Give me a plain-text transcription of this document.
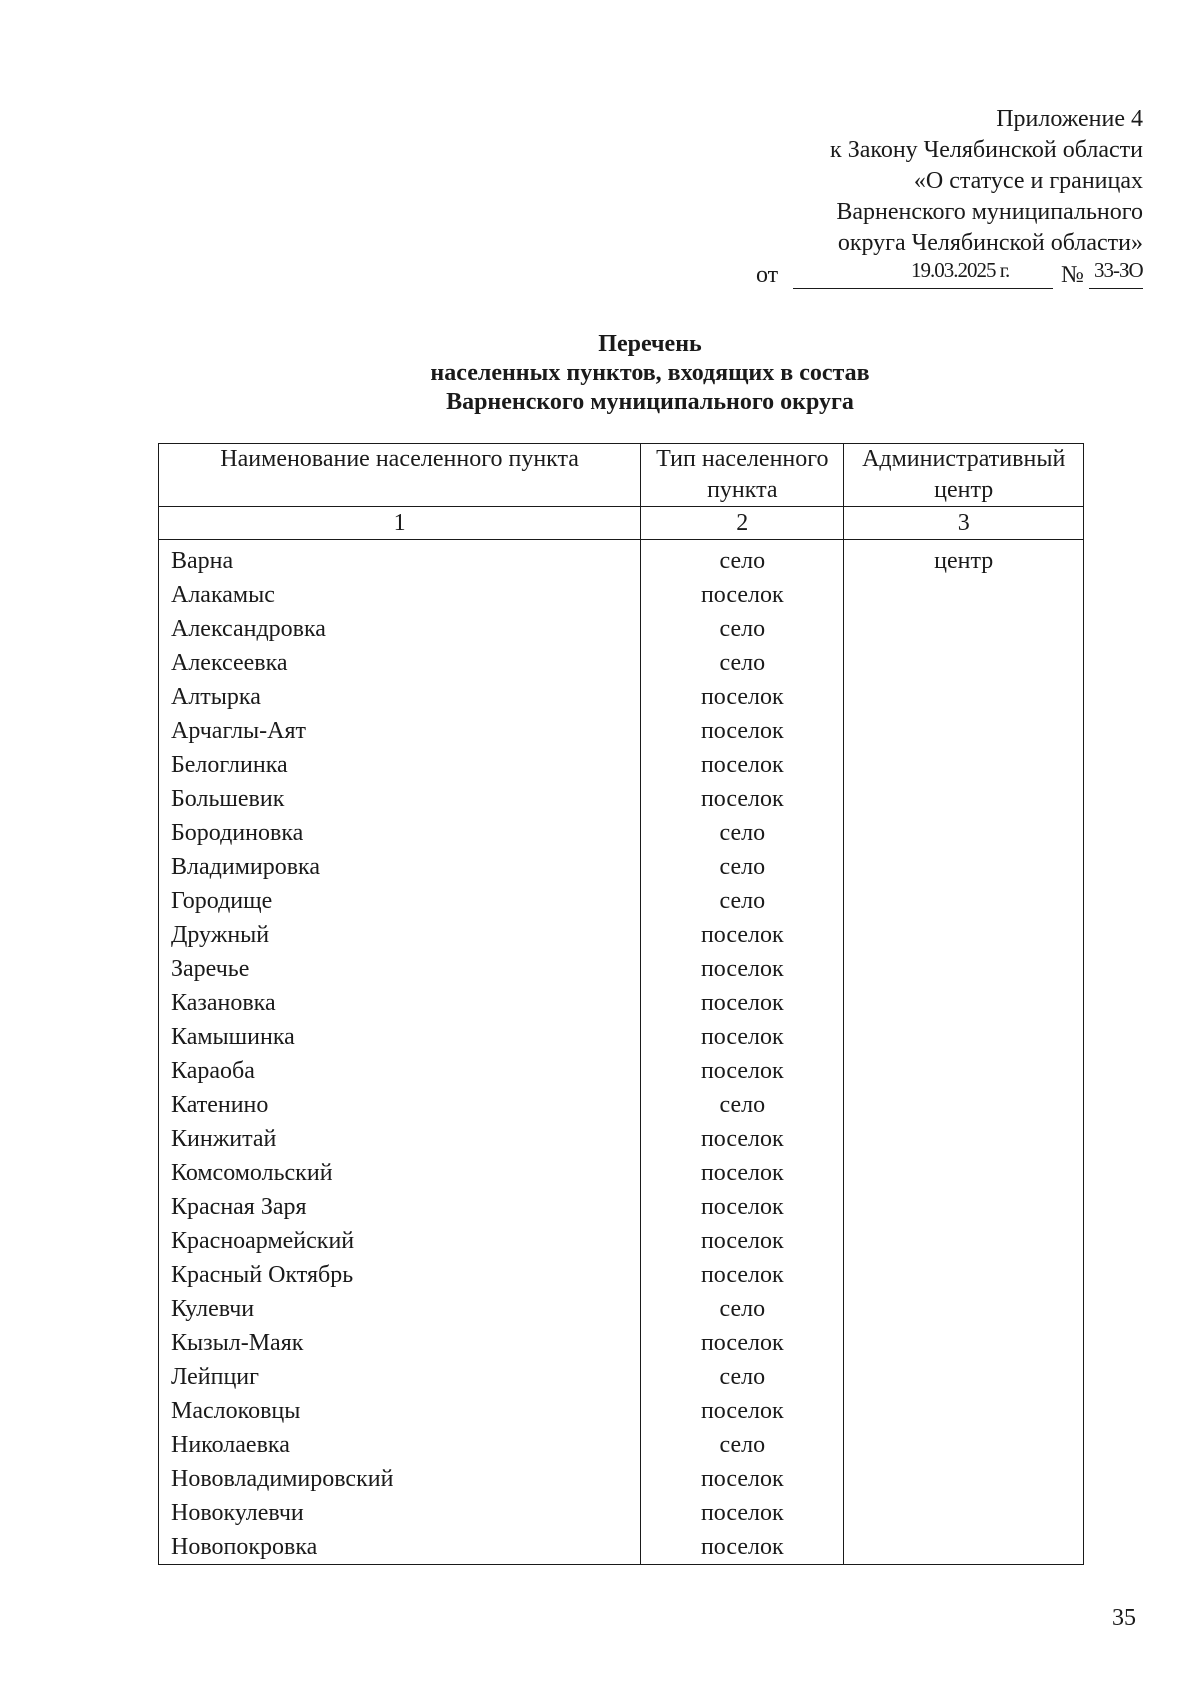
Приложение 4
к Закону Челябинской области
«О статусе и границах
Варненского муниципального
округа Челябинской области»
от	19.03.2025 г. № 33-ЗО
Перечень
населенных пунктов, входящих в состав
Варненского муниципального округа
Наименование населенного пункта	Тип населенного пункта	Административный центр
1	2	3
Варна	село	центр
Алакамыс	поселок	
Александровка	село	
Алексеевка	село	
Алтырка	поселок	
Арчаглы-Аят	поселок	
Белоглинка	поселок	
Большевик	поселок	
Бородиновка	село	
Владимировка	село	
Городище	село	
Дружный	поселок	
Заречье	поселок	
Казановка	поселок	
Камышинка	поселок	
Караоба	поселок	
Катенино	село	
Кинжитай	поселок	
Комсомольский	поселок	
Красная Заря	поселок	
Красноармейский	поселок	
Красный Октябрь	поселок	
Кулевчи	село	
Кызыл-Маяк	поселок	
Лейпциг	село	
Маслоковцы	поселок	
Николаевка	село	
Нововладимировский	поселок	
Новокулевчи	поселок	
Новопокровка	поселок	
35
